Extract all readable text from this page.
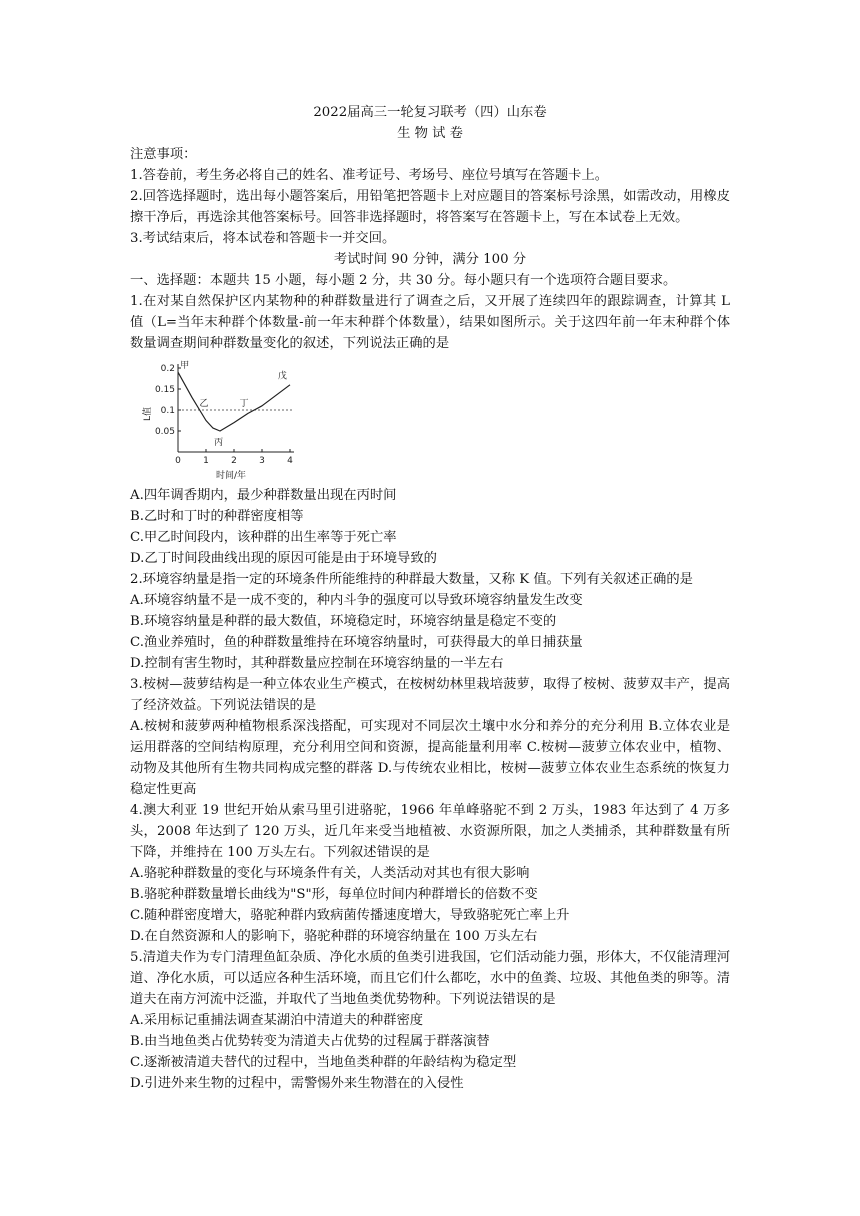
2022届高三一轮复习联考（四）山东卷

生 物 试 卷

注意事项：

1.答卷前，考生务必将自己的姓名、准考证号、考场号、座位号填写在答题卡上。

2.回答选择题时，选出每小题答案后，用铅笔把答题卡上对应题目的答案标号涂黑，如需改动，用橡皮擦干净后，再选涂其他答案标号。回答非选择题时，将答案写在答题卡上，写在本试卷上无效。

3.考试结束后，将本试卷和答题卡一并交回。

考试时间 90 分钟，满分 100 分

一、选择题：本题共 15 小题，每小题 2 分，共 30 分。每小题只有一个选项符合题目要求。

1.在对某自然保护区内某物种的种群数量进行了调查之后，又开展了连续四年的跟踪调查，计算其 L 值（L=当年末种群个体数量-前一年末种群个体数量），结果如图所示。关于这四年前一年末种群个体数量调查期间种群数量变化的叙述，下列说法正确的是

L值
时间/年
0 1 2 3 4
0.05
0.1
0.15
0.2 甲
乙
丙
丁
戊

A.四年调香期内，最少种群数量出现在丙时间

B.乙时和丁时的种群密度相等

C.甲乙时间段内，该种群的出生率等于死亡率

D.乙丁时间段曲线出现的原因可能是由于环境导致的

2.环境容纳量是指一定的环境条件所能维持的种群最大数量，又称 K 值。下列有关叙述正确的是

A.环境容纳量不是一成不变的，种内斗争的强度可以导致环境容纳量发生改变

B.环境容纳量是种群的最大数值，环境稳定时，环境容纳量是稳定不变的

C.渔业养殖时，鱼的种群数量维持在环境容纳量时，可获得最大的单日捕获量

D.控制有害生物时，其种群数量应控制在环境容纳量的一半左右

3.桉树—菠萝结构是一种立体农业生产模式，在桉树幼林里栽培菠萝，取得了桉树、菠萝双丰产，提高了经济效益。下列说法错误的是

A.桉树和菠萝两种植物根系深浅搭配，可实现对不同层次土壤中水分和养分的充分利用 B.立体农业是运用群落的空间结构原理，充分利用空间和资源，提高能量利用率 C.桉树—菠萝立体农业中，植物、动物及其他所有生物共同构成完整的群落 D.与传统农业相比，桉树—菠萝立体农业生态系统的恢复力稳定性更高

4.澳大利亚 19 世纪开始从索马里引进骆驼，1966 年单峰骆驼不到 2 万头，1983 年达到了 4 万多头，2008 年达到了 120 万头，近几年来受当地植被、水资源所限，加之人类捕杀，其种群数量有所下降，并维持在 100 万头左右。下列叙述错误的是

A.骆驼种群数量的变化与环境条件有关，人类活动对其也有很大影响

B.骆驼种群数量增长曲线为"S"形，每单位时间内种群增长的倍数不变

C.随种群密度增大，骆驼种群内致病菌传播速度增大，导致骆驼死亡率上升

D.在自然资源和人的影响下，骆驼种群的环境容纳量在 100 万头左右

5.清道夫作为专门清理鱼缸杂质、净化水质的鱼类引进我国，它们活动能力强，形体大，不仅能清理河道、净化水质，可以适应各种生活环境，而且它们什么都吃，水中的鱼粪、垃圾、其他鱼类的卵等。清道夫在南方河流中泛滥，并取代了当地鱼类优势物种。下列说法错误的是

A.采用标记重捕法调查某湖泊中清道夫的种群密度

B.由当地鱼类占优势转变为清道夫占优势的过程属于群落演替

C.逐渐被清道夫替代的过程中，当地鱼类种群的年龄结构为稳定型

D.引进外来生物的过程中，需警惕外来生物潜在的入侵性
